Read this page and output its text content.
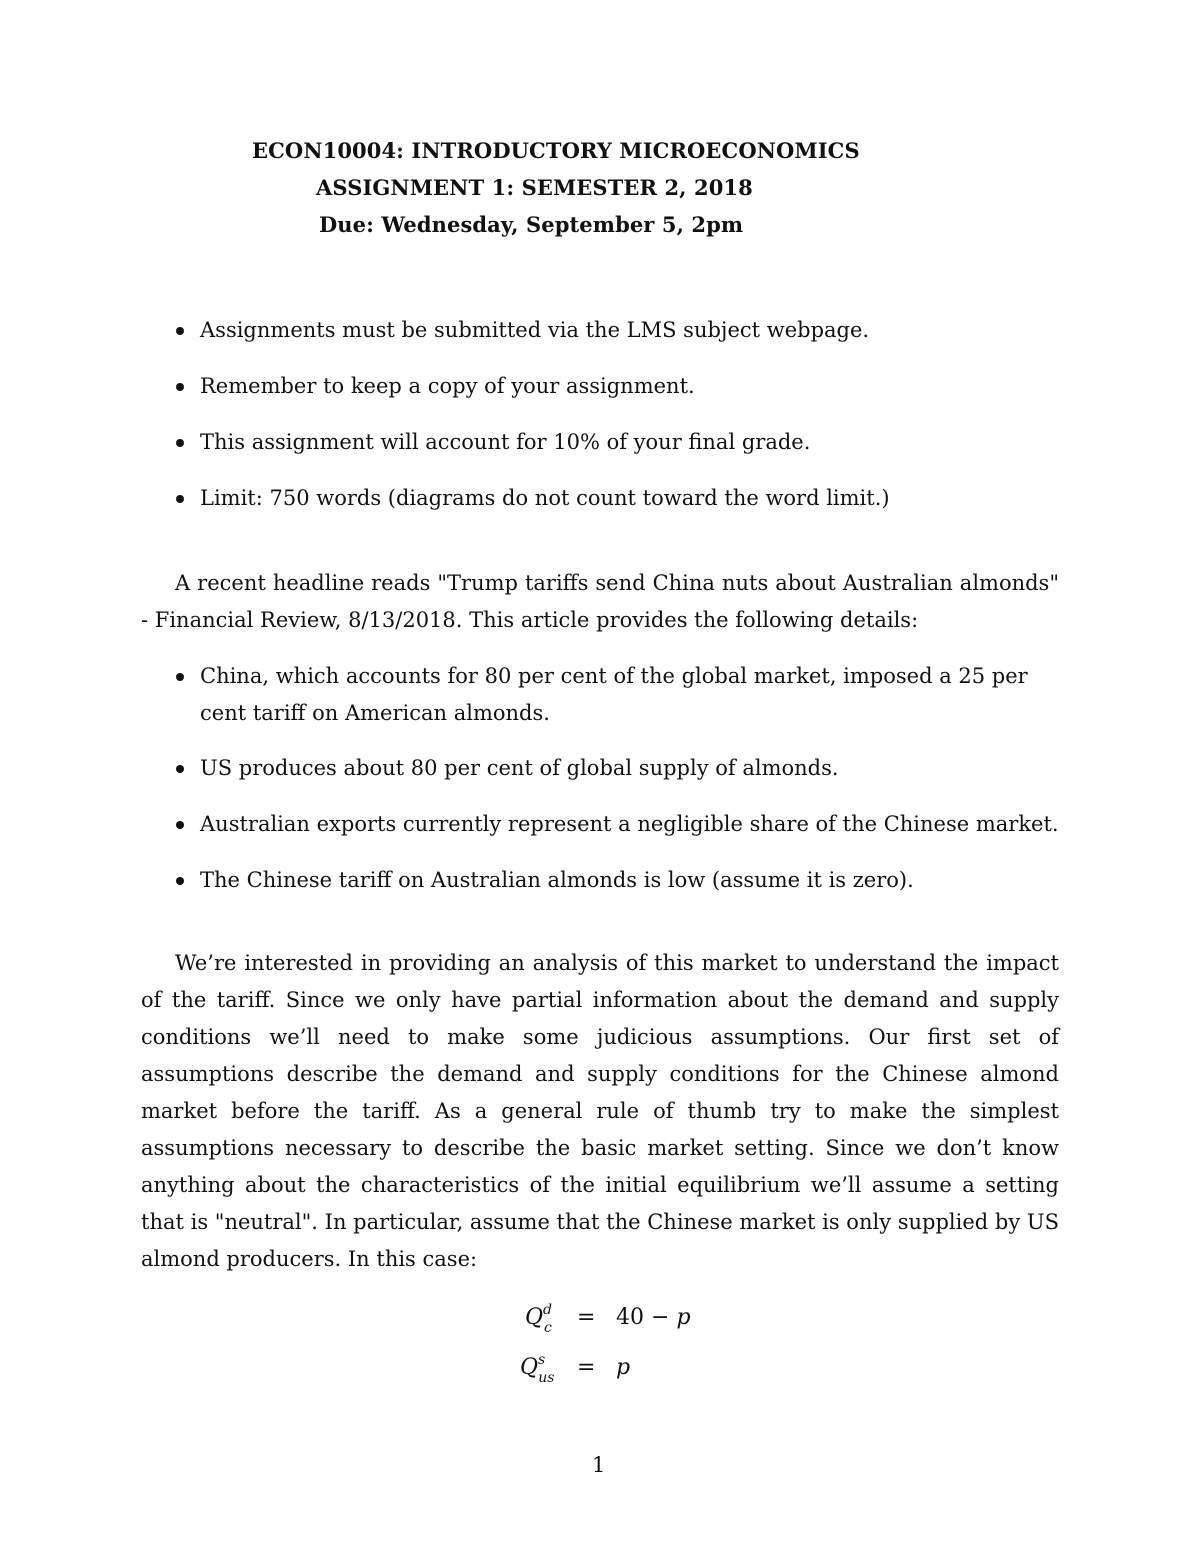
ECON10004: INTRODUCTORY MICROECONOMICS
ASSIGNMENT 1: SEMESTER 2, 2018
Due: Wednesday, September 5, 2pm
Assignments must be submitted via the LMS subject webpage.
Remember to keep a copy of your assignment.
This assignment will account for 10% of your final grade.
Limit: 750 words (diagrams do not count toward the word limit.)

A recent headline reads "Trump tariffs send China nuts about Australian almonds" - Financial Review, 8/13/2018. This article provides the following details:

China, which accounts for 80 per cent of the global market, imposed a 25 per cent tariff on American almonds.
US produces about 80 per cent of global supply of almonds.
Australian exports currently represent a negligible share of the Chinese market.
The Chinese tariff on Australian almonds is low (assume it is zero).

We’re interested in providing an analysis of this market to understand the impact of the tariff. Since we only have partial information about the demand and supply conditions we’ll need to make some judicious assumptions. Our first set of assumptions describe the demand and supply conditions for the Chinese almond market before the tariff. As a general rule of thumb try to make the simplest assumptions necessary to describe the basic market setting. Since we don’t know anything about the characteristics of the initial equilibrium we’ll assume a setting that is "neutral". In particular, assume that the Chinese market is only supplied by US almond producers. In this case:

$Q^d_c = 40 - p$
$Q^s_{us} = p$
1
